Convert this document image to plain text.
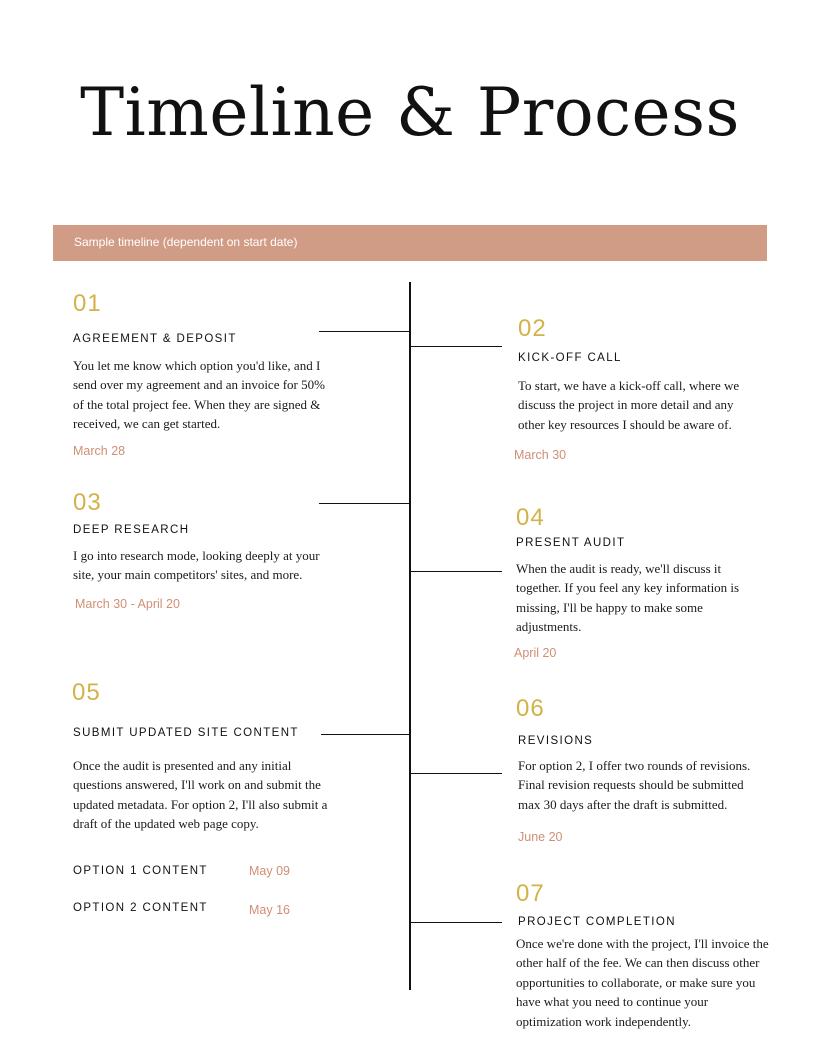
Timeline & Process
Sample timeline (dependent on start date)
01
AGREEMENT & DEPOSIT

You let me know which option you'd like, and I send over my agreement and an invoice for 50% of the total project fee. When they are signed & received, we can get started.

March 28
02
KICK-OFF CALL

To start, we have a kick-off call, where we discuss the project in more detail and any other key resources I should be aware of.

March 30
03
DEEP RESEARCH

I go into research mode, looking deeply at your site, your main competitors' sites, and more.

March 30 - April 20
04
PRESENT AUDIT

When the audit is ready, we'll discuss it together. If you feel any key information is missing, I'll be happy to make some adjustments.

April 20
05
SUBMIT UPDATED SITE CONTENT

Once the audit is presented and any initial questions answered, I'll work on and submit the updated metadata. For option 2, I'll also submit a draft of the updated web page copy.

OPTION 1 CONTENT	May 09
OPTION 2 CONTENT	May 16
06
REVISIONS

For option 2, I offer two rounds of revisions. Final revision requests should be submitted max 30 days after the draft is submitted.

June 20
07
PROJECT COMPLETION

Once we're done with the project, I'll invoice the other half of the fee. We can then discuss other opportunities to collaborate, or make sure you have what you need to continue your optimization work independently.
